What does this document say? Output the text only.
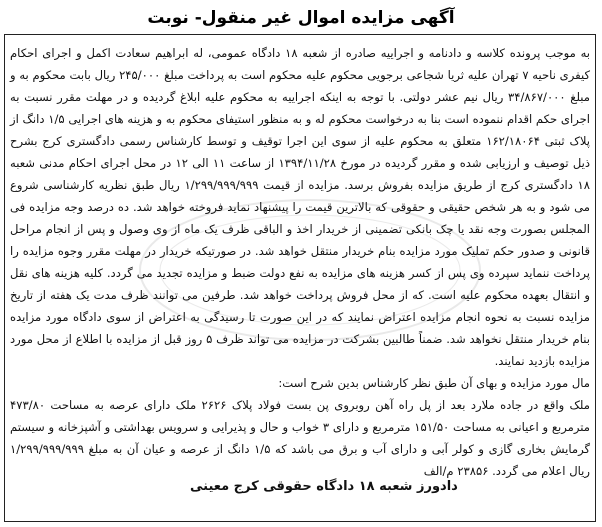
آگهی مزایده اموال غیر منقول- نوبت

به موجب پرونده کلاسه و دادنامه و اجراییه صادره از شعبه ۱۸ دادگاه عمومی، له ابراهیم سعادت اکمل و اجرای احکام کیفری ناحیه ۷ تهران علیه ثریا شجاعی برجویی محکوم علیه محکوم است به پرداخت مبلغ ۲۴۵/۰۰۰ ریال بابت محکوم به و مبلغ ۳۴/۸۶۷/۰۰۰ ریال نیم عشر دولتی. با توجه به اینکه اجراییه به محکوم علیه ابلاغ گردیده و در مهلت مقرر نسبت به اجرای حکم اقدام ننموده است بنا به درخواست محکوم له و به منظور استیفای محکوم به و هزینه های اجرایی ۱/۵ دانگ از پلاک ثبتی ۱۶۲/۱۸۰۶۴ متعلق به محکوم علیه از سوی این اجرا توقیف و توسط کارشناس رسمی دادگستری کرج بشرح ذیل توصیف و ارزیابی شده و مقرر گردیده در مورخ ۱۳۹۴/۱۱/۲۸ از ساعت ۱۱ الی ۱۲ در محل اجرای احکام مدنی شعبه ۱۸ دادگستری کرج از طریق مزایده بفروش برسد. مزایده از قیمت ۱/۲۹۹/۹۹۹/۹۹۹ ریال طبق نظریه کارشناسی شروع می شود و به هر شخص حقیقی و حقوقی که بالاترین قیمت را پیشنهاد نماید فروخته خواهد شد. ده درصد وجه مزایده فی المجلس بصورت وجه نقد یا چک بانکی تضمینی از خریدار اخذ و الباقی ظرف یک ماه از وی وصول و پس از انجام مراحل قانونی و صدور حکم تملیک مورد مزایده بنام خریدار منتقل خواهد شد. در صورتیکه خریدار در مهلت مقرر وجوه مزایده را پرداخت ننماید سپرده وی پس از کسر هزینه های مزایده به نفع دولت ضبط و مزایده تجدید می گردد. کلیه هزینه های نقل و انتقال بعهده محکوم علیه است. که از محل فروش پرداخت خواهد شد. طرفین می توانند ظرف مدت یک هفته از تاریخ مزایده نسبت به نحوه انجام مزایده اعتراض نمایند که در این صورت تا رسیدگی به اعتراض از سوی دادگاه مورد مزایده بنام خریدار منتقل نخواهد شد. ضمناً طالبین بشرکت در مزایده می تواند ظرف ۵ روز قبل از مزایده با اطلاع از محل مورد مزایده بازدید نمایند.

مال مورد مزایده و بهای آن طبق نظر کارشناس بدین شرح است:

ملک واقع در جاده ملارد بعد از پل راه آهن روبروی پن بست فولاد پلاک ۲۶۲۶ ملک دارای عرصه به مساحت ۴۷۳/۸۰ مترمربع و اعیانی به مساحت ۱۵۱/۵۰ مترمربع و دارای ۳ خواب و حال و پذیرایی و سرویس بهداشتی و آشپزخانه و سیستم گرمایش بخاری گازی و کولر آبی و دارای آب و برق می باشد که ۱/۵ دانگ از عرصه و عیان آن به مبلغ ۱/۲۹۹/۹۹۹/۹۹۹ ریال اعلام می گردد. ۲۳۸۵۶ م/الف

دادورز شعبه ۱۸ دادگاه حقوقی کرج معینی
